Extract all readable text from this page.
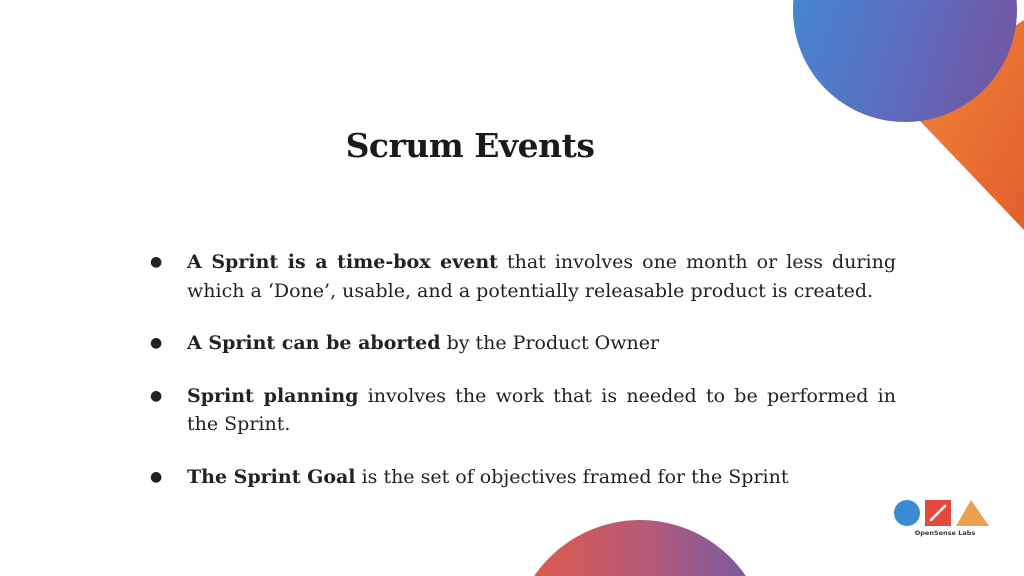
Scrum Events
● A Sprint is a time-box event that involves one month or less during which a ‘Done’, usable, and a potentially releasable product is created.
● A Sprint can be aborted by the Product Owner
● Sprint planning involves the work that is needed to be performed in the Sprint.
● The Sprint Goal is the set of objectives framed for the Sprint
OpenSense Labs
